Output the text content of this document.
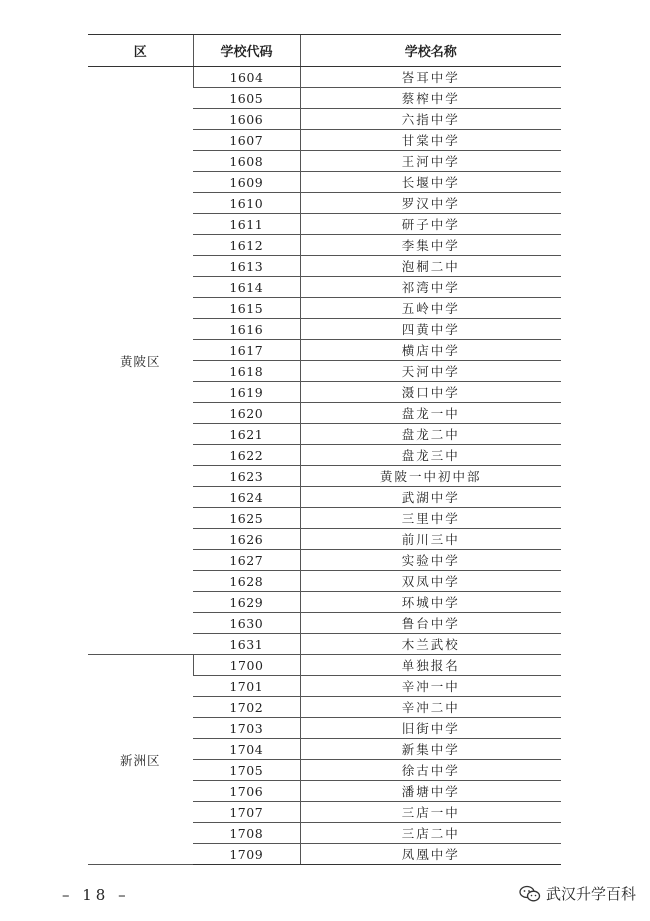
区	学校代码	学校名称
黄陂区	1604	峇耳中学
	1605	蔡榨中学
	1606	六指中学
	1607	甘棠中学
	1608	王河中学
	1609	长堰中学
	1610	罗汉中学
	1611	研子中学
	1612	李集中学
	1613	泡桐二中
	1614	祁湾中学
	1615	五岭中学
	1616	四黄中学
	1617	横店中学
	1618	天河中学
	1619	滠口中学
	1620	盘龙一中
	1621	盘龙二中
	1622	盘龙三中
	1623	黄陂一中初中部
	1624	武湖中学
	1625	三里中学
	1626	前川三中
	1627	实验中学
	1628	双凤中学
	1629	环城中学
	1630	鲁台中学
	1631	木兰武校
新洲区	1700	单独报名
	1701	辛冲一中
	1702	辛冲二中
	1703	旧街中学
	1704	新集中学
	1705	徐古中学
	1706	潘塘中学
	1707	三店一中
	1708	三店二中
	1709	凤凰中学
– 18 –	武汉升学百科
